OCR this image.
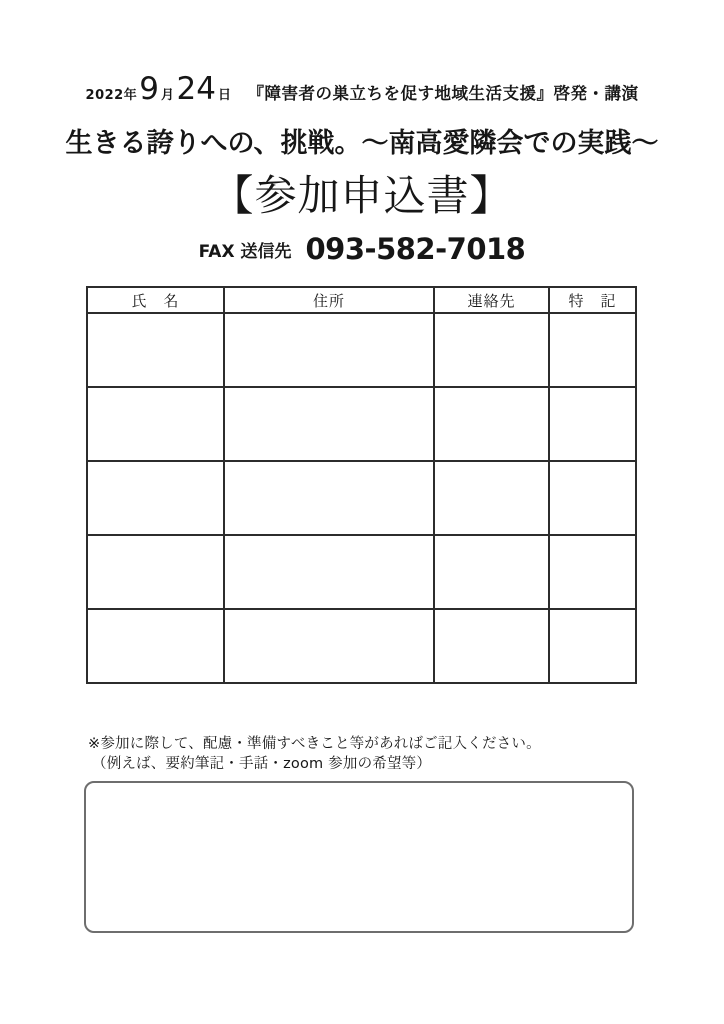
2022年9 月24 日 『障害者の巣立ちを促す地域生活支援』啓発・講演
生きる誇りへの、挑戦。～南高愛隣会での実践～
【参加申込書】
FAX 送信先 093-582-7018
氏　名	住所	連絡先	特　記

※参加に際して、配慮・準備すべきこと等があればご記入ください。
（例えば、要約筆記・手話・zoom 参加の希望等）
